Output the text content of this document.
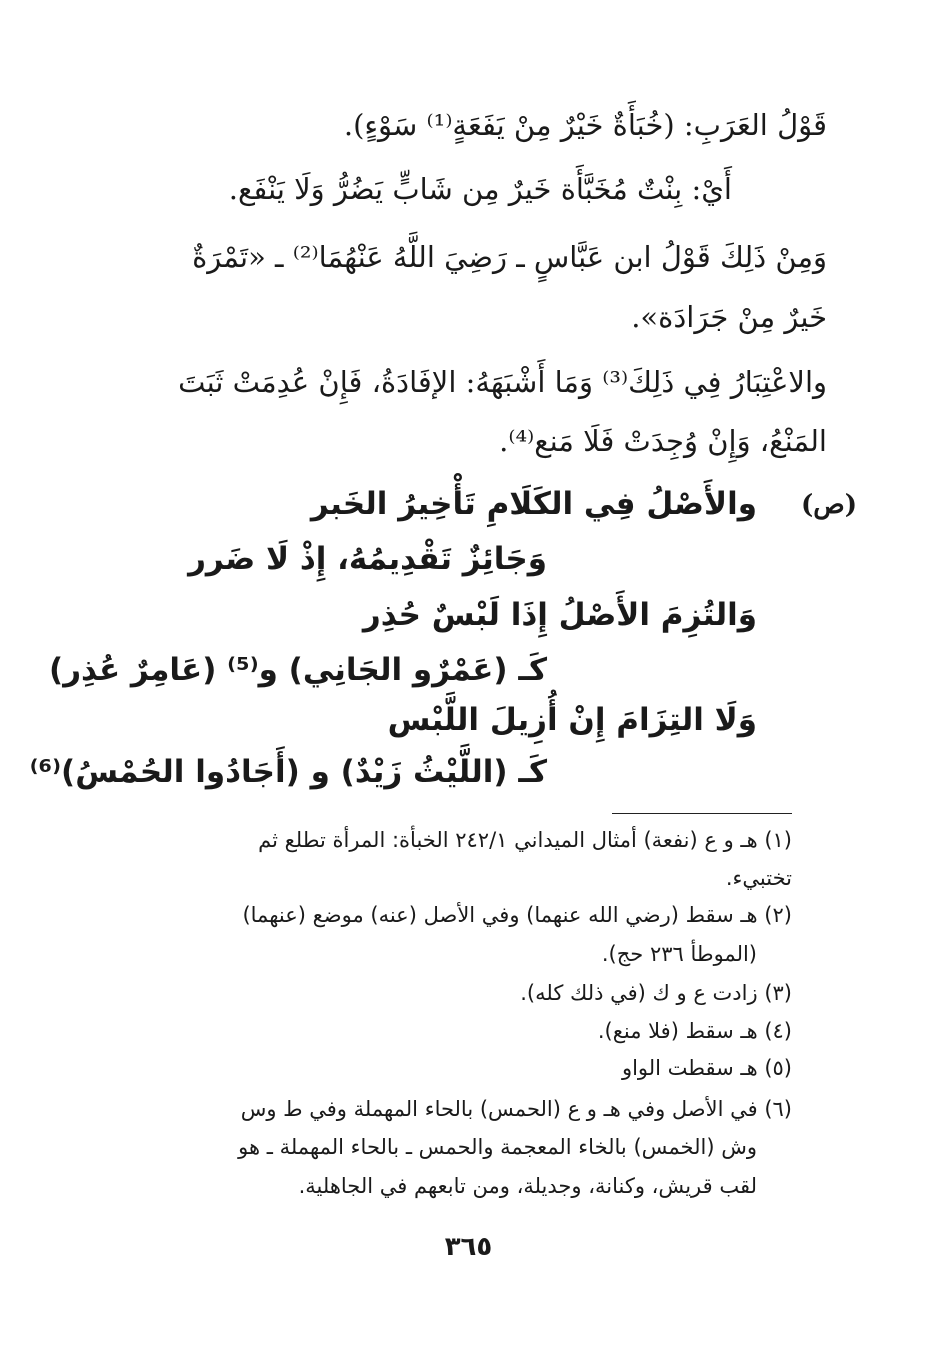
قَوْلُ العَرَبِ: (خُبَأَةٌ خَيْرٌ مِنْ يَفَعَةٍ⁽¹⁾ سَوْءٍ).
أَيْ: بِنْتٌ مُخَبَّأَة خَيرٌ مِن شَابٍّ يَضُرُّ وَلَا يَنْفَع.
وَمِنْ ذَلِكَ قَوْلُ ابن عَبَّاسٍ ـ رَضِيَ اللَّهُ عَنْهُمَا⁽²⁾ ـ «تَمْرَةٌ
خَيرٌ مِنْ جَرَادَة».
والاعْتِبَارُ فِي ذَلِكَ⁽³⁾ وَمَا أَشْبَهَهُ: الإفَادَةُ، فَإِنْ عُدِمَتْ ثَبَتَ
المَنْعُ، وَإِنْ وُجِدَتْ فَلَا مَنع⁽⁴⁾.
(ص)
والأَصْلُ فِي الكَلَامِ تَأْخِيرُ الخَبر
وَجَائِزٌ تَقْدِيمُهُ، إِذْ لَا ضَرر
وَالتُزِمَ الأَصْلُ إِذَا لَبْسٌ حُذِر
كَـ (عَمْرٌو الجَانِي) و⁽⁵⁾ (عَامِرٌ عُذِر)
وَلَا التِزَامَ إِنْ أُزِيلَ اللَّبْس
كَـ (اللَّيْثُ زَيْدٌ) و (أَجَادُوا الحُمْسُ)⁽⁶⁾
(١) هـ و ع (نفعة) أمثال الميداني ٢٤٢/١ الخبأة: المرأة تطلع ثم
تختبيء.
(٢) هـ سقط (رضي الله عنهما) وفي الأصل (عنه) موضع (عنهما)
(الموطأ ٢٣٦ حج).
(٣) زادت ع و ك (في ذلك كله).
(٤) هـ سقط (فلا منع).
(٥) هـ سقطت الواو
(٦) في الأصل وفي هـ و ع (الحمس) بالحاء المهملة وفي ط وس
وش (الخمس) بالخاء المعجمة والحمس ـ بالحاء المهملة ـ هو
لقب قريش، وكنانة، وجديلة، ومن تابعهم في الجاهلية.
٣٦٥
